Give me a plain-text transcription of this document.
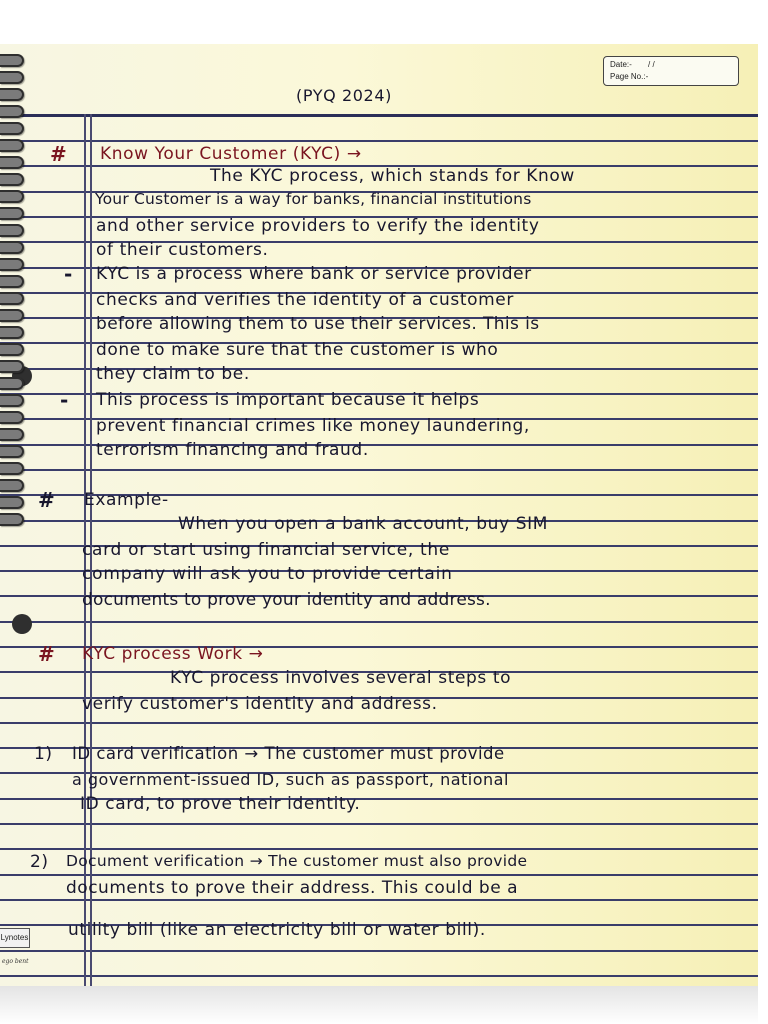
Date:- / /
Page No.:-
(PYQ 2024)
# Know Your Customer (KYC) →
The KYC process, which stands for Know
Your Customer is a way for banks, financial institutions
and other service providers to verify the identity
of their customers.
- KYC is a process where bank or service provider
checks and verifies the identity of a customer
before allowing them to use their services. This is
done to make sure that the customer is who
they claim to be.
- This process is important because it helps
prevent financial crimes like money laundering,
terrorism financing and fraud.
# Example-
When you open a bank account, buy SIM
card or start using financial service, the
company will ask you to provide certain
documents to prove your identity and address.
# KYC process Work →
KYC process involves several steps to
verify customer's identity and address.
1) ID card verification → The customer must provide
a government-issued ID, such as passport, national
ID card, to prove their identity.
2) Document verification → The customer must also provide
documents to prove their address. This could be a
utility bill (like an electricity bill or water bill).
Lynotes
ego bent
